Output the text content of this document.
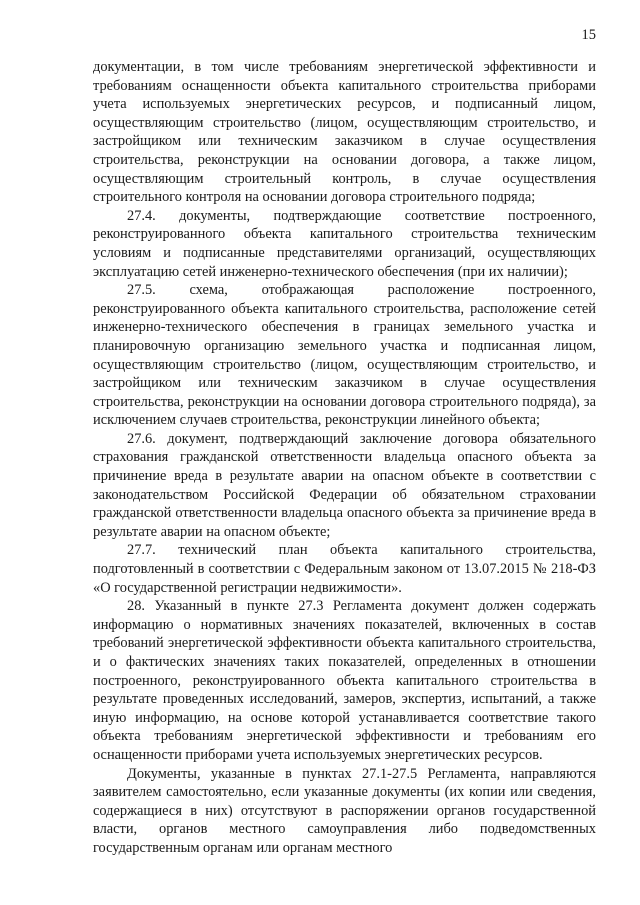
15

документации, в том числе требованиям энергетической эффективности и требованиям оснащенности объекта капитального строительства приборами учета используемых энергетических ресурсов, и подписанный лицом, осуществляющим строительство (лицом, осуществляющим строительство, и застройщиком или техническим заказчиком в случае осуществления строительства, реконструкции на основании договора, а также лицом, осуществляющим строительный контроль, в случае осуществления строительного контроля на основании договора строительного подряда;

27.4. документы, подтверждающие соответствие построенного, реконструированного объекта капитального строительства техническим условиям и подписанные представителями организаций, осуществляющих эксплуатацию сетей инженерно-технического обеспечения (при их наличии);

27.5. схема, отображающая расположение построенного, реконструированного объекта капитального строительства, расположение сетей инженерно-технического обеспечения в границах земельного участка и планировочную организацию земельного участка и подписанная лицом, осуществляющим строительство (лицом, осуществляющим строительство, и застройщиком или техническим заказчиком в случае осуществления строительства, реконструкции на основании договора строительного подряда), за исключением случаев строительства, реконструкции линейного объекта;

27.6. документ, подтверждающий заключение договора обязательного страхования гражданской ответственности владельца опасного объекта за причинение вреда в результате аварии на опасном объекте в соответствии с законодательством Российской Федерации об обязательном страховании гражданской ответственности владельца опасного объекта за причинение вреда в результате аварии на опасном объекте;

27.7. технический план объекта капитального строительства, подготовленный в соответствии с Федеральным законом от 13.07.2015 № 218-ФЗ «О государственной регистрации недвижимости».

28. Указанный в пункте 27.3 Регламента документ должен содержать информацию о нормативных значениях показателей, включенных в состав требований энергетической эффективности объекта капитального строительства, и о фактических значениях таких показателей, определенных в отношении построенного, реконструированного объекта капитального строительства в результате проведенных исследований, замеров, экспертиз, испытаний, а также иную информацию, на основе которой устанавливается соответствие такого объекта требованиям энергетической эффективности и требованиям его оснащенности приборами учета используемых энергетических ресурсов.

Документы, указанные в пунктах 27.1-27.5 Регламента, направляются заявителем самостоятельно, если указанные документы (их копии или сведения, содержащиеся в них) отсутствуют в распоряжении органов государственной власти, органов местного самоуправления либо подведомственных государственным органам или органам местного
